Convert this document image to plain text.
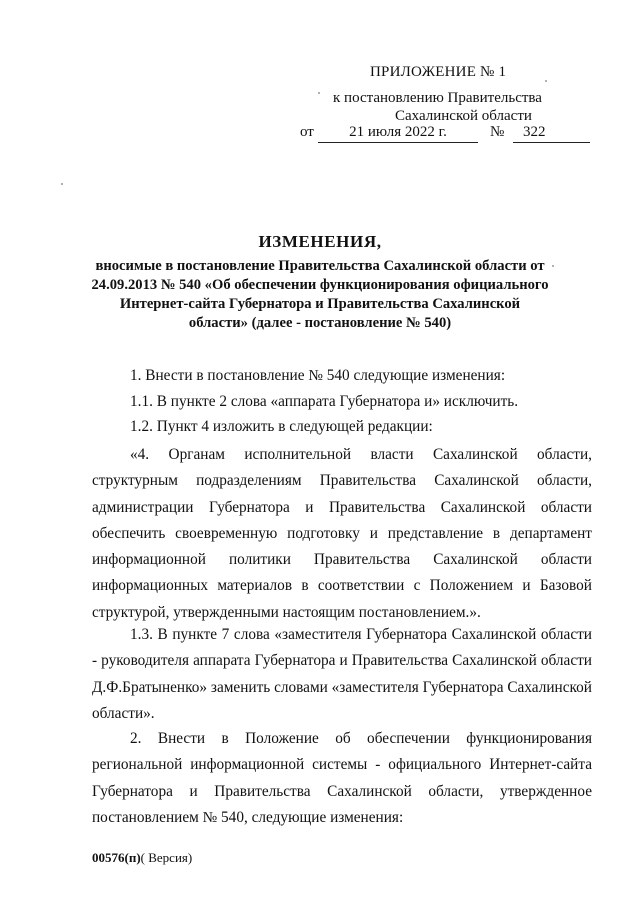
ПРИЛОЖЕНИЕ № 1
к постановлению Правительства
Сахалинской области
от	21 июля 2022 г.	№	322
ИЗМЕНЕНИЯ,
вносимые в постановление Правительства Сахалинской области от 24.09.2013 № 540 «Об обеспечении функционирования официального Интернет-сайта Губернатора и Правительства Сахалинской области» (далее - постановление № 540)

1. Внести в постановление № 540 следующие изменения:

1.1. В пункте 2 слова «аппарата Губернатора и» исключить.

1.2. Пункт 4 изложить в следующей редакции:

«4. Органам исполнительной власти Сахалинской области, структурным подразделениям Правительства Сахалинской области, администрации Губернатора и Правительства Сахалинской области обеспечить своевременную подготовку и представление в департамент информационной политики Правительства Сахалинской области информационных материалов в соответствии с Положением и Базовой структурой, утвержденными настоящим постановлением.».

1.3. В пункте 7 слова «заместителя Губернатора Сахалинской области - руководителя аппарата Губернатора и Правительства Сахалинской области Д.Ф.Братыненко» заменить словами «заместителя Губернатора Сахалинской области».

2. Внести в Положение об обеспечении функционирования региональной информационной системы - официального Интернет-сайта Губернатора и Правительства Сахалинской области, утвержденное постановлением № 540, следующие изменения:

00576(п)( Версия)
